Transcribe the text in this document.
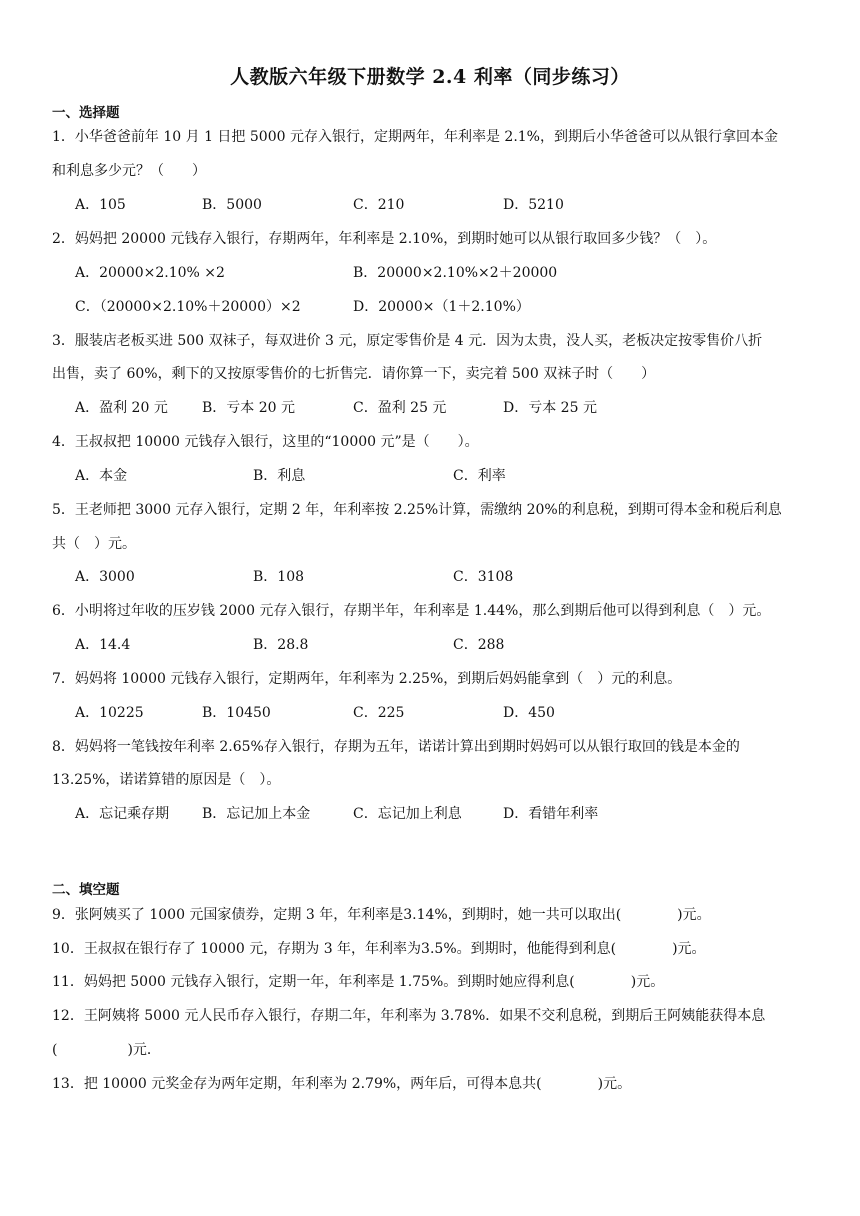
人教版六年级下册数学 2.4 利率（同步练习）
一、选择题
1．小华爸爸前年 10 月 1 日把 5000 元存入银行，定期两年，年利率是 2.1%，到期后小华爸爸可以从银行拿回本金
和利息多少元？（　　）
A．105	B．5000	C．210	D．5210
2．妈妈把 20000 元钱存入银行，存期两年，年利率是 2.10%，到期时她可以从银行取回多少钱？（　）。
A．20000×2.10% ×2	B．20000×2.10%×2＋20000
C．（20000×2.10%＋20000）×2	D．20000×（1＋2.10%）
3．服装店老板买进 500 双袜子，每双进价 3 元，原定零售价是 4 元．因为太贵，没人买，老板决定按零售价八折
出售，卖了 60%，剩下的又按原零售价的七折售完．请你算一下，卖完着 500 双袜子时（　　）
A．盈利 20 元 B．亏本 20 元	C．盈利 25 元	D．亏本 25 元
4．王叔叔把 10000 元钱存入银行，这里的“10000 元”是（　　）。
A．本金	B．利息	C．利率
5．王老师把 3000 元存入银行，定期 2 年，年利率按 2.25%计算，需缴纳 20%的利息税，到期可得本金和税后利息
共（　）元。
A．3000	B．108	C．3108
6．小明将过年收的压岁钱 2000 元存入银行，存期半年，年利率是 1.44%，那么到期后他可以得到利息（　）元。
A．14.4	B．28.8	C．288
7．妈妈将 10000 元钱存入银行，定期两年，年利率为 2.25%，到期后妈妈能拿到（　）元的利息。
A．10225	B．10450	C．225	D．450
8．妈妈将一笔钱按年利率 2.65%存入银行，存期为五年，诺诺计算出到期时妈妈可以从银行取回的钱是本金的
13.25%，诺诺算错的原因是（　）。
A．忘记乘存期 B．忘记加上本金	C．忘记加上利息	D．看错年利率
二、填空题
9．张阿姨买了 1000 元国家债券，定期 3 年，年利率是3.14%，到期时，她一共可以取出(　　　　)元。
10．王叔叔在银行存了 10000 元，存期为 3 年，年利率为3.5%。到期时，他能得到利息(　　　　)元。
11．妈妈把 5000 元钱存入银行，定期一年，年利率是 1.75%。到期时她应得利息(　　　　)元。
12．王阿姨将 5000 元人民币存入银行，存期二年，年利率为 3.78%．如果不交利息税，到期后王阿姨能获得本息
(　　　　　)元．
13．把 10000 元奖金存为两年定期，年利率为 2.79%，两年后，可得本息共(　　　　)元。
